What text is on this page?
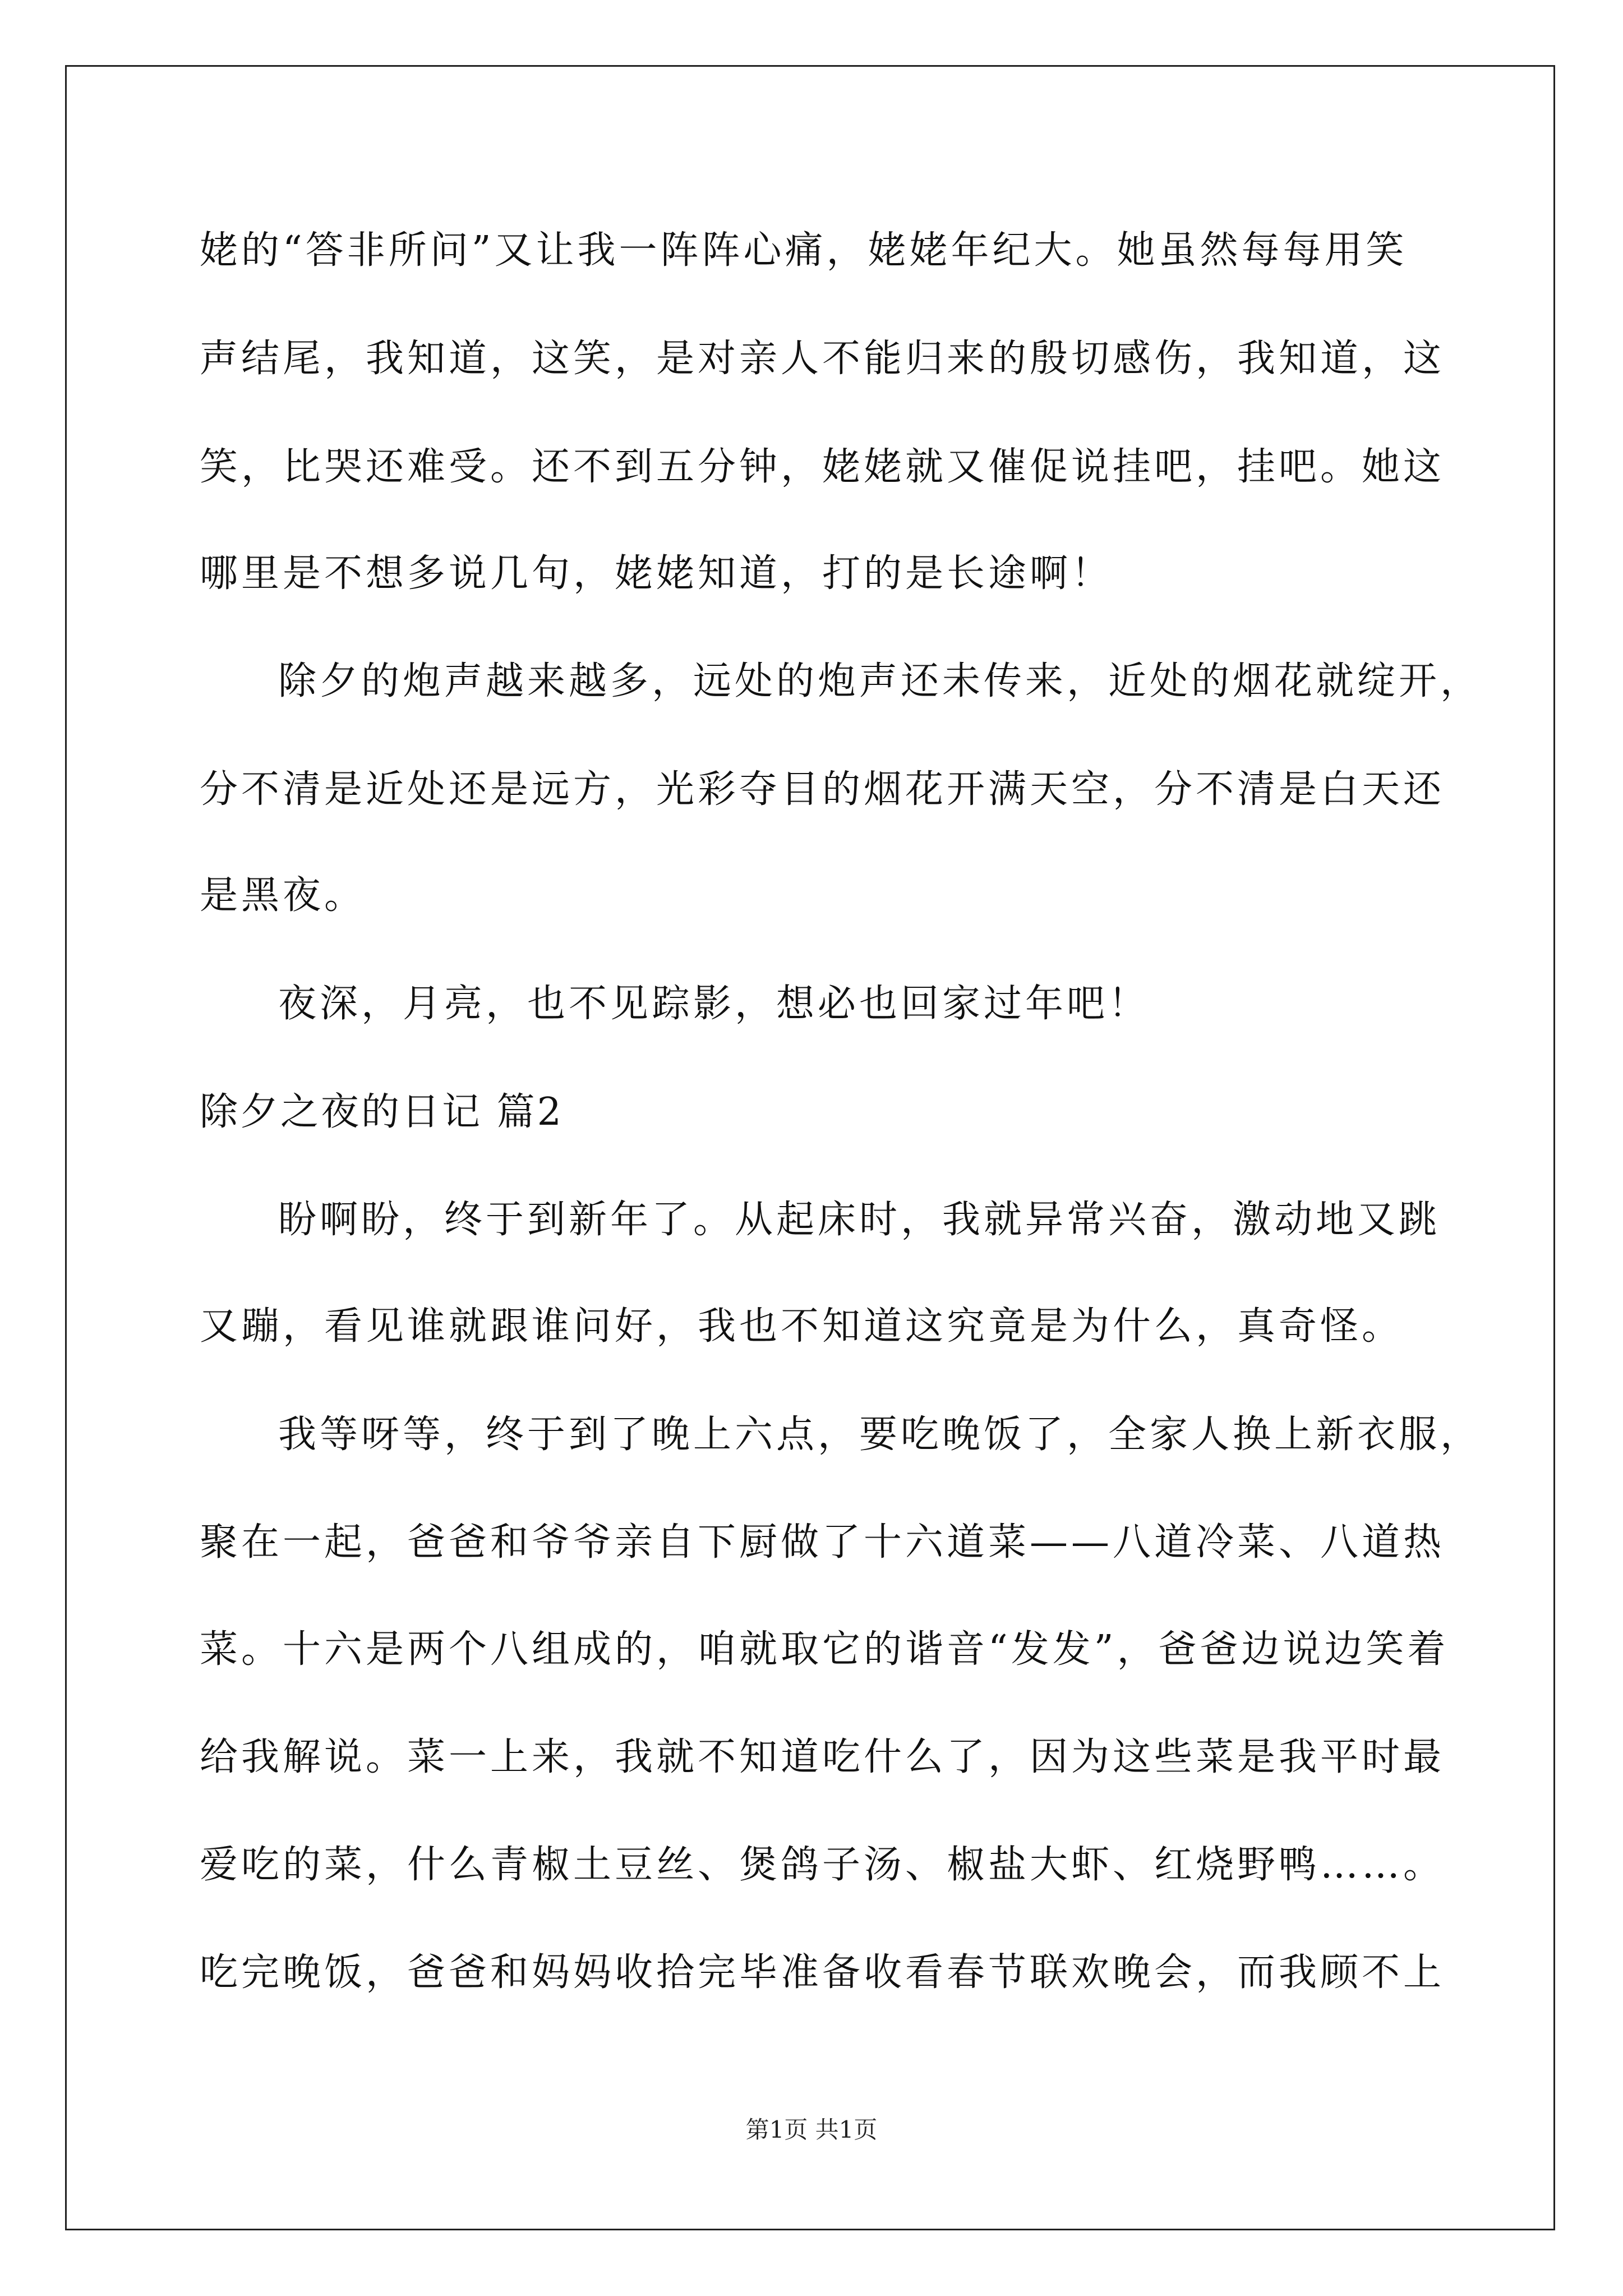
姥的“答非所问”又让我一阵阵心痛，姥姥年纪大。她虽然每每用笑
声结尾，我知道，这笑，是对亲人不能归来的殷切感伤，我知道，这
笑，比哭还难受。还不到五分钟，姥姥就又催促说挂吧，挂吧。她这
哪里是不想多说几句，姥姥知道，打的是长途啊！
除夕的炮声越来越多，远处的炮声还未传来，近处的烟花就绽开，
分不清是近处还是远方，光彩夺目的烟花开满天空，分不清是白天还
是黑夜。
夜深，月亮，也不见踪影，想必也回家过年吧！
除夕之夜的日记 篇2
盼啊盼，终于到新年了。从起床时，我就异常兴奋，激动地又跳
又蹦，看见谁就跟谁问好，我也不知道这究竟是为什么，真奇怪。
我等呀等，终于到了晚上六点，要吃晚饭了，全家人换上新衣服，
聚在一起，爸爸和爷爷亲自下厨做了十六道菜——八道冷菜、八道热
菜。十六是两个八组成的，咱就取它的谐音“发发”，爸爸边说边笑着
给我解说。菜一上来，我就不知道吃什么了，因为这些菜是我平时最
爱吃的菜，什么青椒土豆丝、煲鸽子汤、椒盐大虾、红烧野鸭……。
吃完晚饭，爸爸和妈妈收拾完毕准备收看春节联欢晚会，而我顾不上
第1页 共1页
